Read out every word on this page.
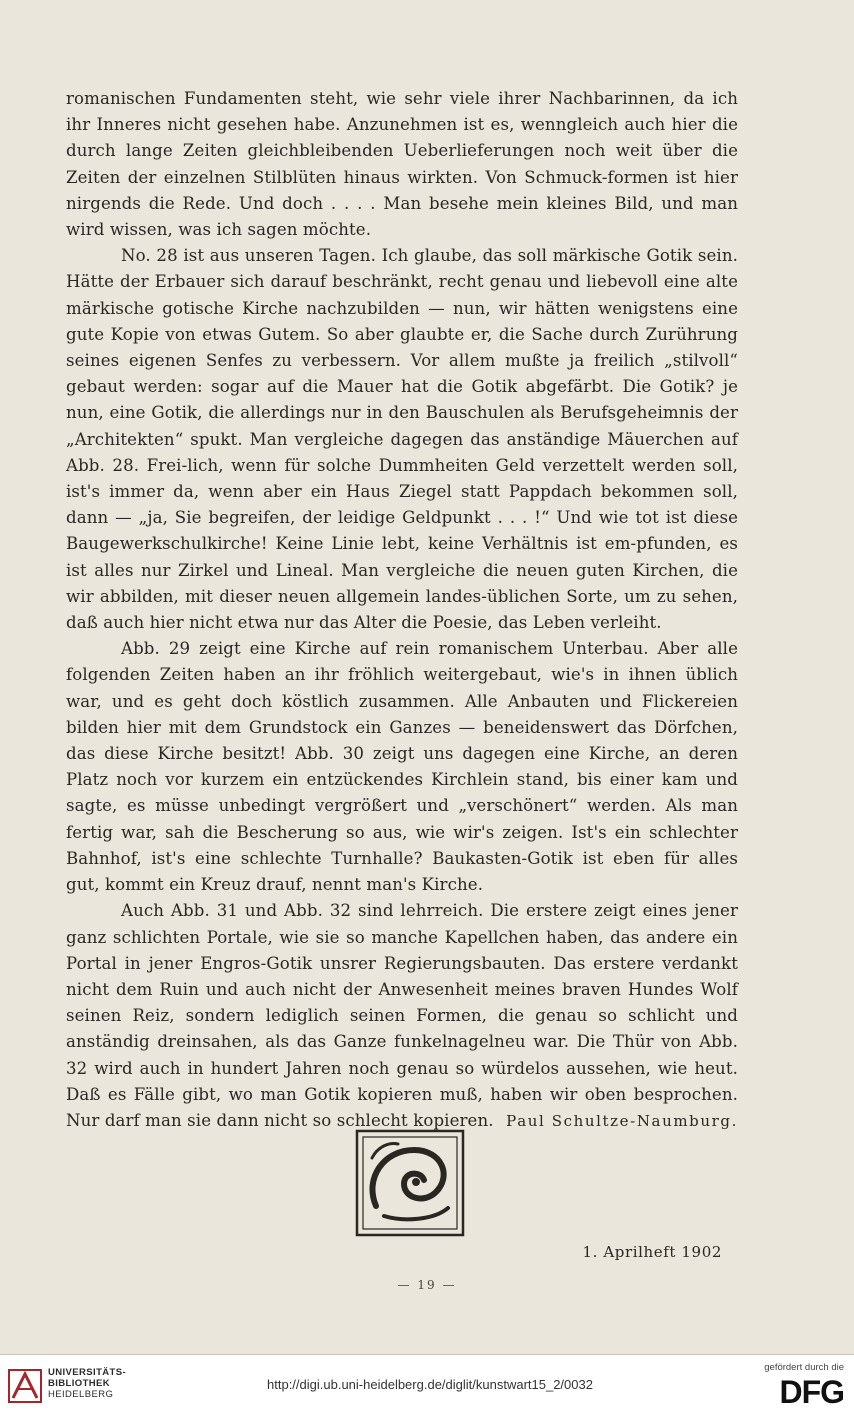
romanischen Fundamenten steht, wie sehr viele ihrer Nachbarinnen, da ich ihr Inneres nicht gesehen habe. Anzunehmen ist es, wenngleich auch hier die durch lange Zeiten gleichbleibenden Ueberlieferungen noch weit über die Zeiten der einzelnen Stilblüten hinaus wirkten. Von Schmuck-formen ist hier nirgends die Rede. Und doch . . . . Man besehe mein kleines Bild, und man wird wissen, was ich sagen möchte.

No. 28 ist aus unseren Tagen. Ich glaube, das soll märkische Gotik sein. Hätte der Erbauer sich darauf beschränkt, recht genau und liebevoll eine alte märkische gotische Kirche nachzubilden — nun, wir hätten wenigstens eine gute Kopie von etwas Gutem. So aber glaubte er, die Sache durch Zurührung seines eigenen Senfes zu verbessern. Vor allem mußte ja freilich „stilvoll“ gebaut werden: sogar auf die Mauer hat die Gotik abgefärbt. Die Gotik? je nun, eine Gotik, die allerdings nur in den Bauschulen als Berufsgeheimnis der „Architekten“ spukt. Man vergleiche dagegen das anständige Mäuerchen auf Abb. 28. Frei-lich, wenn für solche Dummheiten Geld verzettelt werden soll, ist's immer da, wenn aber ein Haus Ziegel statt Pappdach bekommen soll, dann — „ja, Sie begreifen, der leidige Geldpunkt . . . !“ Und wie tot ist diese Baugewerkschulkirche! Keine Linie lebt, keine Verhältnis ist em-pfunden, es ist alles nur Zirkel und Lineal. Man vergleiche die neuen guten Kirchen, die wir abbilden, mit dieser neuen allgemein landes-üblichen Sorte, um zu sehen, daß auch hier nicht etwa nur das Alter die Poesie, das Leben verleiht.

Abb. 29 zeigt eine Kirche auf rein romanischem Unterbau. Aber alle folgenden Zeiten haben an ihr fröhlich weitergebaut, wie's in ihnen üblich war, und es geht doch köstlich zusammen. Alle Anbauten und Flickereien bilden hier mit dem Grundstock ein Ganzes — beneidenswert das Dörfchen, das diese Kirche besitzt! Abb. 30 zeigt uns dagegen eine Kirche, an deren Platz noch vor kurzem ein entzückendes Kirchlein stand, bis einer kam und sagte, es müsse unbedingt vergrößert und „verschönert“ werden. Als man fertig war, sah die Bescherung so aus, wie wir's zeigen. Ist's ein schlechter Bahnhof, ist's eine schlechte Turnhalle? Baukasten-Gotik ist eben für alles gut, kommt ein Kreuz drauf, nennt man's Kirche.

Auch Abb. 31 und Abb. 32 sind lehrreich. Die erstere zeigt eines jener ganz schlichten Portale, wie sie so manche Kapellchen haben, das andere ein Portal in jener Engros-Gotik unsrer Regierungsbauten. Das erstere verdankt nicht dem Ruin und auch nicht der Anwesenheit meines braven Hundes Wolf seinen Reiz, sondern lediglich seinen Formen, die genau so schlicht und anständig dreinsahen, als das Ganze funkelnagelneu war. Die Thür von Abb. 32 wird auch in hundert Jahren noch genau so würdelos aussehen, wie heut. Daß es Fälle gibt, wo man Gotik kopieren muß, haben wir oben besprochen. Nur darf man sie dann nicht so schlecht kopieren. Paul Schultze-Naumburg.

1. Aprilheft 1902
— 19 —
UNIVERSITÄTS-
BIBLIOTHEK
HEIDELBERG
http://digi.ub.uni-heidelberg.de/diglit/kunstwart15_2/0032
gefördert durch die
DFG
